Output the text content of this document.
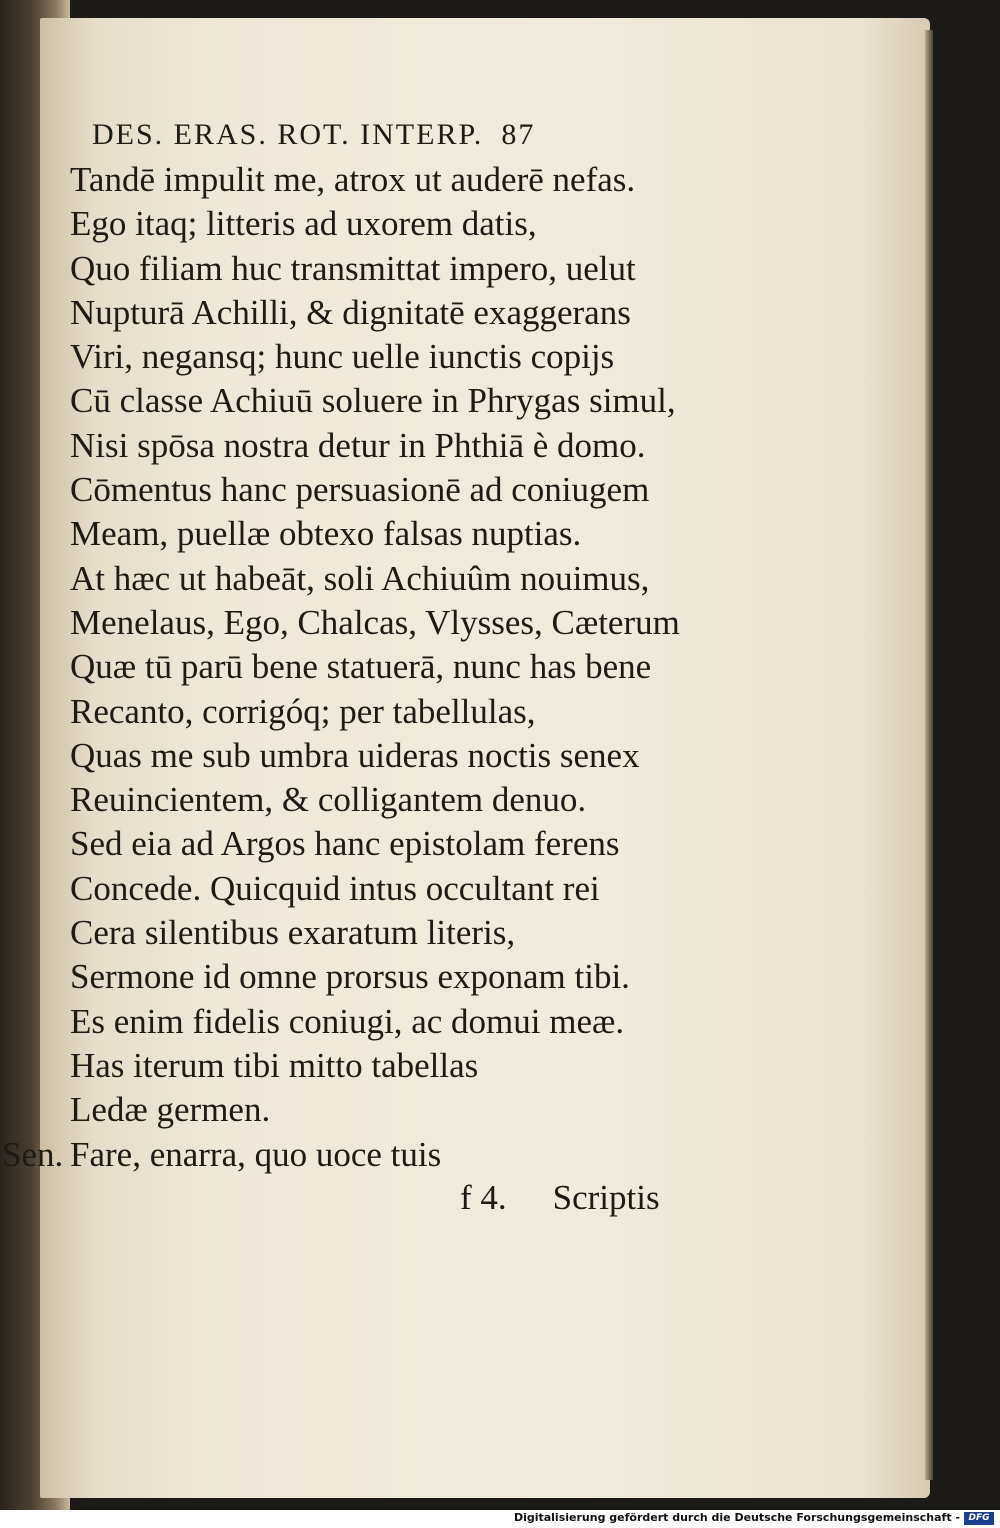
DES. ERAS. ROT. INTERP. 87
Tandē impulit me, atrox ut auderē nefas.
Ego itaq; litteris ad uxorem datis,
Quo filiam huc transmittat impero, uelut
Nupturā Achilli, & dignitatē exaggerans
Viri, negansq; hunc uelle iunctis copijs
Cū classe Achiuū soluere in Phrygas simul,
Nisi spōsa nostra detur in Phthiā è domo.
Cōmentus hanc persuasionē ad coniugem
Meam, puellæ obtexo falsas nuptias.
At hæc ut habeāt, soli Achiuûm nouimus,
Menelaus, Ego, Chalcas, Vlysses, Cæterum
Quæ tū parū bene statuerā, nunc has bene
Recanto, corrigóq; per tabellulas,
Quas me sub umbra uideras noctis senex
Reuincientem, & colligantem denuo.
Sed eia ad Argos hanc epistolam ferens
Concede. Quicquid intus occultant rei
Cera silentibus exaratum literis,
Sermone id omne prorsus exponam tibi.
Es enim fidelis coniugi, ac domui meæ.
Has iterum tibi mitto tabellas
Ledæ germen.
Sen. Fare, enarra, quo uoce tuis
f 4. Scriptis
Digitalisierung gefördert durch die Deutsche Forschungsgemeinschaft - DFG
